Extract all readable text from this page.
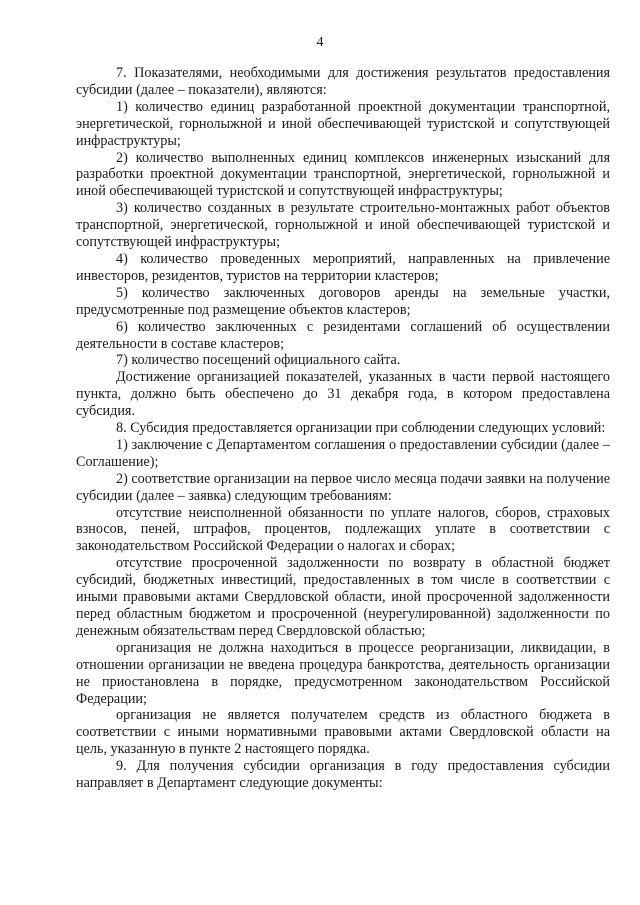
4

7. Показателями, необходимыми для достижения результатов предоставления субсидии (далее – показатели), являются:

1) количество единиц разработанной проектной документации транспортной, энергетической, горнолыжной и иной обеспечивающей туристской и сопутствующей инфраструктуры;

2) количество выполненных единиц комплексов инженерных изысканий для разработки проектной документации транспортной, энергетической, горнолыжной и иной обеспечивающей туристской и сопутствующей инфраструктуры;

3) количество созданных в результате строительно-монтажных работ объектов транспортной, энергетической, горнолыжной и иной обеспечивающей туристской и сопутствующей инфраструктуры;

4) количество проведенных мероприятий, направленных на привлечение инвесторов, резидентов, туристов на территории кластеров;

5) количество заключенных договоров аренды на земельные участки, предусмотренные под размещение объектов кластеров;

6) количество заключенных с резидентами соглашений об осуществлении деятельности в составе кластеров;

7) количество посещений официального сайта.

Достижение организацией показателей, указанных в части первой настоящего пункта, должно быть обеспечено до 31 декабря года, в котором предоставлена субсидия.

8. Субсидия предоставляется организации при соблюдении следующих условий:

1) заключение с Департаментом соглашения о предоставлении субсидии (далее – Соглашение);

2) соответствие организации на первое число месяца подачи заявки на получение субсидии (далее – заявка) следующим требованиям:

отсутствие неисполненной обязанности по уплате налогов, сборов, страховых взносов, пеней, штрафов, процентов, подлежащих уплате в соответствии с законодательством Российской Федерации о налогах и сборах;

отсутствие просроченной задолженности по возврату в областной бюджет субсидий, бюджетных инвестиций, предоставленных в том числе в соответствии с иными правовыми актами Свердловской области, иной просроченной задолженности перед областным бюджетом и просроченной (неурегулированной) задолженности по денежным обязательствам перед Свердловской областью;

организация не должна находиться в процессе реорганизации, ликвидации, в отношении организации не введена процедура банкротства, деятельность организации не приостановлена в порядке, предусмотренном законодательством Российской Федерации;

организация не является получателем средств из областного бюджета в соответствии с иными нормативными правовыми актами Свердловской области на цель, указанную в пункте 2 настоящего порядка.

9. Для получения субсидии организация в году предоставления субсидии направляет в Департамент следующие документы:
